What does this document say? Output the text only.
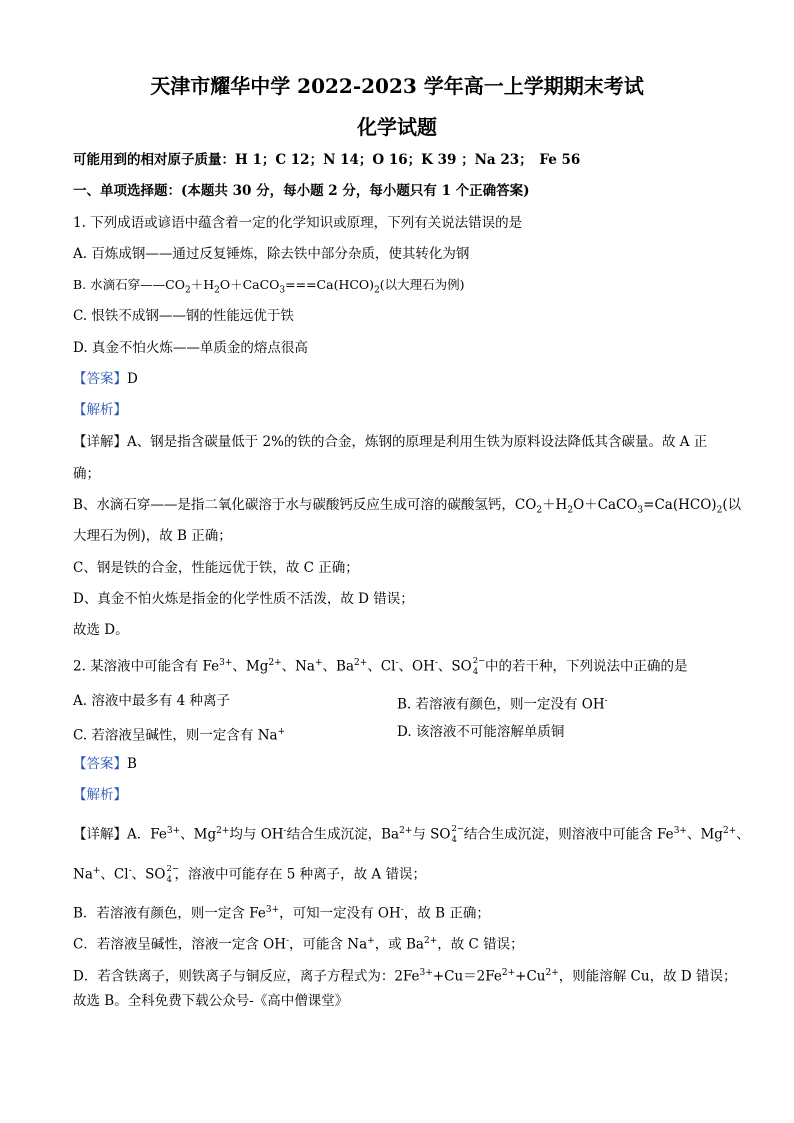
天津市耀华中学 2022-2023 学年高一上学期期末考试
化学试题
可能用到的相对原子质量：H 1；C 12；N 14；O 16；K 39 ；Na 23；　Fe 56
一、单项选择题：(本题共 30 分，每小题 2 分，每小题只有 1 个正确答案)
1. 下列成语或谚语中蕴含着一定的化学知识或原理，下列有关说法错误的是
A. 百炼成钢——通过反复锤炼，除去铁中部分杂质，使其转化为钢
B. 水滴石穿$——CO_2+H_2O+CaCO_3===Ca(HCO)_2$(以大理石为例)
C. 恨铁不成钢——钢的性能远优于铁
D. 真金不怕火炼——单质金的熔点很高
【答案】D
【解析】
【详解】A、钢是指含碳量低于 2%的铁的合金，炼钢的原理是利用生铁为原料设法降低其含碳量。故 A 正
确；
B、水滴石穿——是指二氧化碳溶于水与碳酸钙反应生成可溶的碳酸氢钙，$CO_2+H_2O+CaCO_3=Ca(HCO)_2$(以
大理石为例)，故 B 正确；
C、钢是铁的合金，性能远优于铁，故 C 正确；
D、真金不怕火炼是指金的化学性质不活泼，故 D 错误；
故选 D。
2. 某溶液中可能含有 $Fe^{3+}$、$Mg^{2+}$、Na+、$Ba^{2+}$、Cl-、OH-、SO 2−
4 中的若干种，下列说法中正确的是
A. 溶液中最多有 4 种离子	B. 若溶液有颜色，则一定没有 OH-
C. 若溶液呈碱性，则一定含有 Na+	D. 该溶液不可能溶解单质铜
【答案】B
【解析】
【详解】A．$Fe^{3+}$、$Mg^{2+}$均与 OH-结合生成沉淀，$Ba^{2+}$与 SO 2−
4 结合生成沉淀，则溶液中可能含 $Fe^{3+}$、$Mg^{2+}$、
Na+、Cl-、SO 2−
4 ，溶液中可能存在 5 种离子，故 A 错误；
B．若溶液有颜色，则一定含 $Fe^{3+}$，可知一定没有 OH-，故 B 正确；
C．若溶液呈碱性，溶液一定含 OH-，可能含 Na+，或 $Ba^{2+}$，故 C 错误；
D．若含铁离子，则铁离子与铜反应，离子方程式为：$2Fe^{3+}+Cu=2Fe^{2+}+Cu^{2+}$，则能溶解 Cu，故 D 错误；
故选 B。全科免费下载公众号-《高中僧课堂》
